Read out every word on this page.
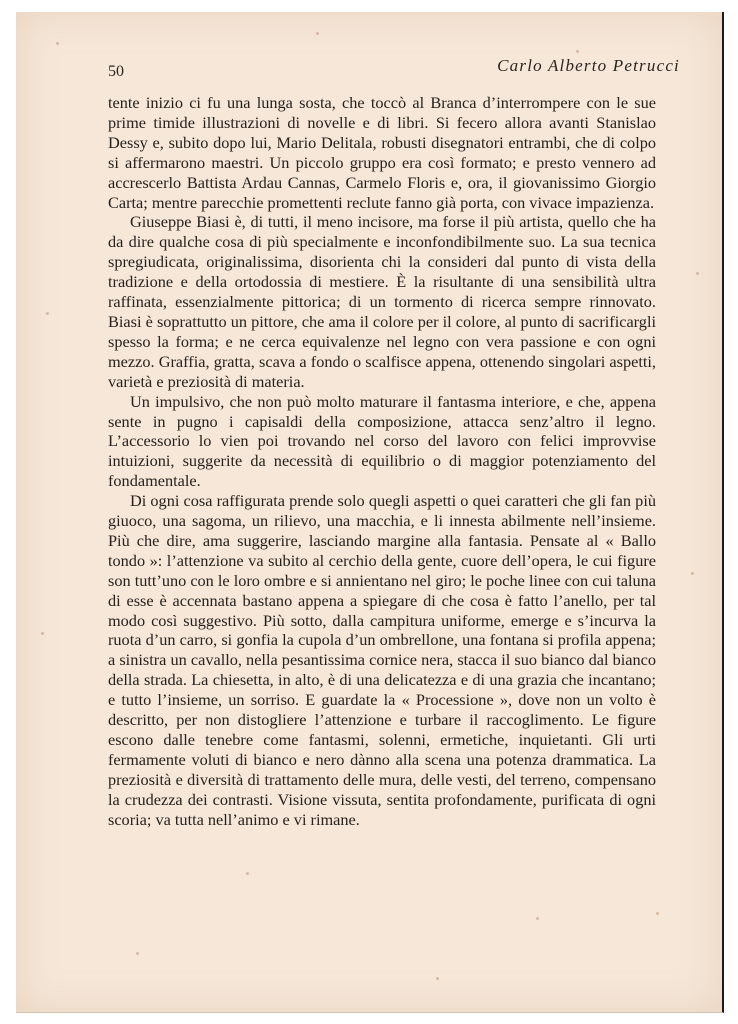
50	Carlo Alberto Petrucci

tente inizio ci fu una lunga sosta, che toccò al Branca d’interrompere con le sue prime timide illustrazioni di novelle e di libri. Si fecero allora avanti Stanislao Dessy e, subito dopo lui, Mario Delitala, robusti disegnatori entrambi, che di colpo si affermarono maestri. Un piccolo gruppo era così formato; e presto vennero ad accrescerlo Battista Ardau Cannas, Carmelo Floris e, ora, il giovanissimo Giorgio Carta; mentre parecchie promettenti reclute fanno già porta, con vivace impazienza.

Giuseppe Biasi è, di tutti, il meno incisore, ma forse il più artista, quello che ha da dire qualche cosa di più specialmente e inconfondibilmente suo. La sua tecnica spregiudicata, originalissima, disorienta chi la consideri dal punto di vista della tradizione e della ortodossia di mestiere. È la risultante di una sensibilità ultra raffinata, essenzialmente pittorica; di un tormento di ricerca sempre rinnovato. Biasi è soprattutto un pittore, che ama il colore per il colore, al punto di sacrificargli spesso la forma; e ne cerca equivalenze nel legno con vera passione e con ogni mezzo. Graffia, gratta, scava a fondo o scalfisce appena, ottenendo singolari aspetti, varietà e preziosità di materia.

Un impulsivo, che non può molto maturare il fantasma interiore, e che, appena sente in pugno i capisaldi della composizione, attacca senz’altro il legno. L’accessorio lo vien poi trovando nel corso del lavoro con felici improvvise intuizioni, suggerite da necessità di equilibrio o di maggior potenziamento del fondamentale.

Di ogni cosa raffigurata prende solo quegli aspetti o quei caratteri che gli fan più giuoco, una sagoma, un rilievo, una macchia, e li innesta abilmente nell’insieme. Più che dire, ama suggerire, lasciando margine alla fantasia. Pensate al « Ballo tondo »: l’attenzione va subito al cerchio della gente, cuore dell’opera, le cui figure son tutt’uno con le loro ombre e si annientano nel giro; le poche linee con cui taluna di esse è accennata bastano appena a spiegare di che cosa è fatto l’anello, per tal modo così suggestivo. Più sotto, dalla campitura uniforme, emerge e s’incurva la ruota d’un carro, si gonfia la cupola d’un ombrellone, una fontana si profila appena; a sinistra un cavallo, nella pesantissima cornice nera, stacca il suo bianco dal bianco della strada. La chiesetta, in alto, è di una delicatezza e di una grazia che incantano; e tutto l’insieme, un sorriso. E guardate la « Processione », dove non un volto è descritto, per non distogliere l’attenzione e turbare il raccoglimento. Le figure escono dalle tenebre come fantasmi, solenni, ermetiche, inquietanti. Gli urti fermamente voluti di bianco e nero dànno alla scena una potenza drammatica. La preziosità e diversità di trattamento delle mura, delle vesti, del terreno, compensano la crudezza dei contrasti. Visione vissuta, sentita profondamente, purificata di ogni scoria; va tutta nell’animo e vi rimane.
